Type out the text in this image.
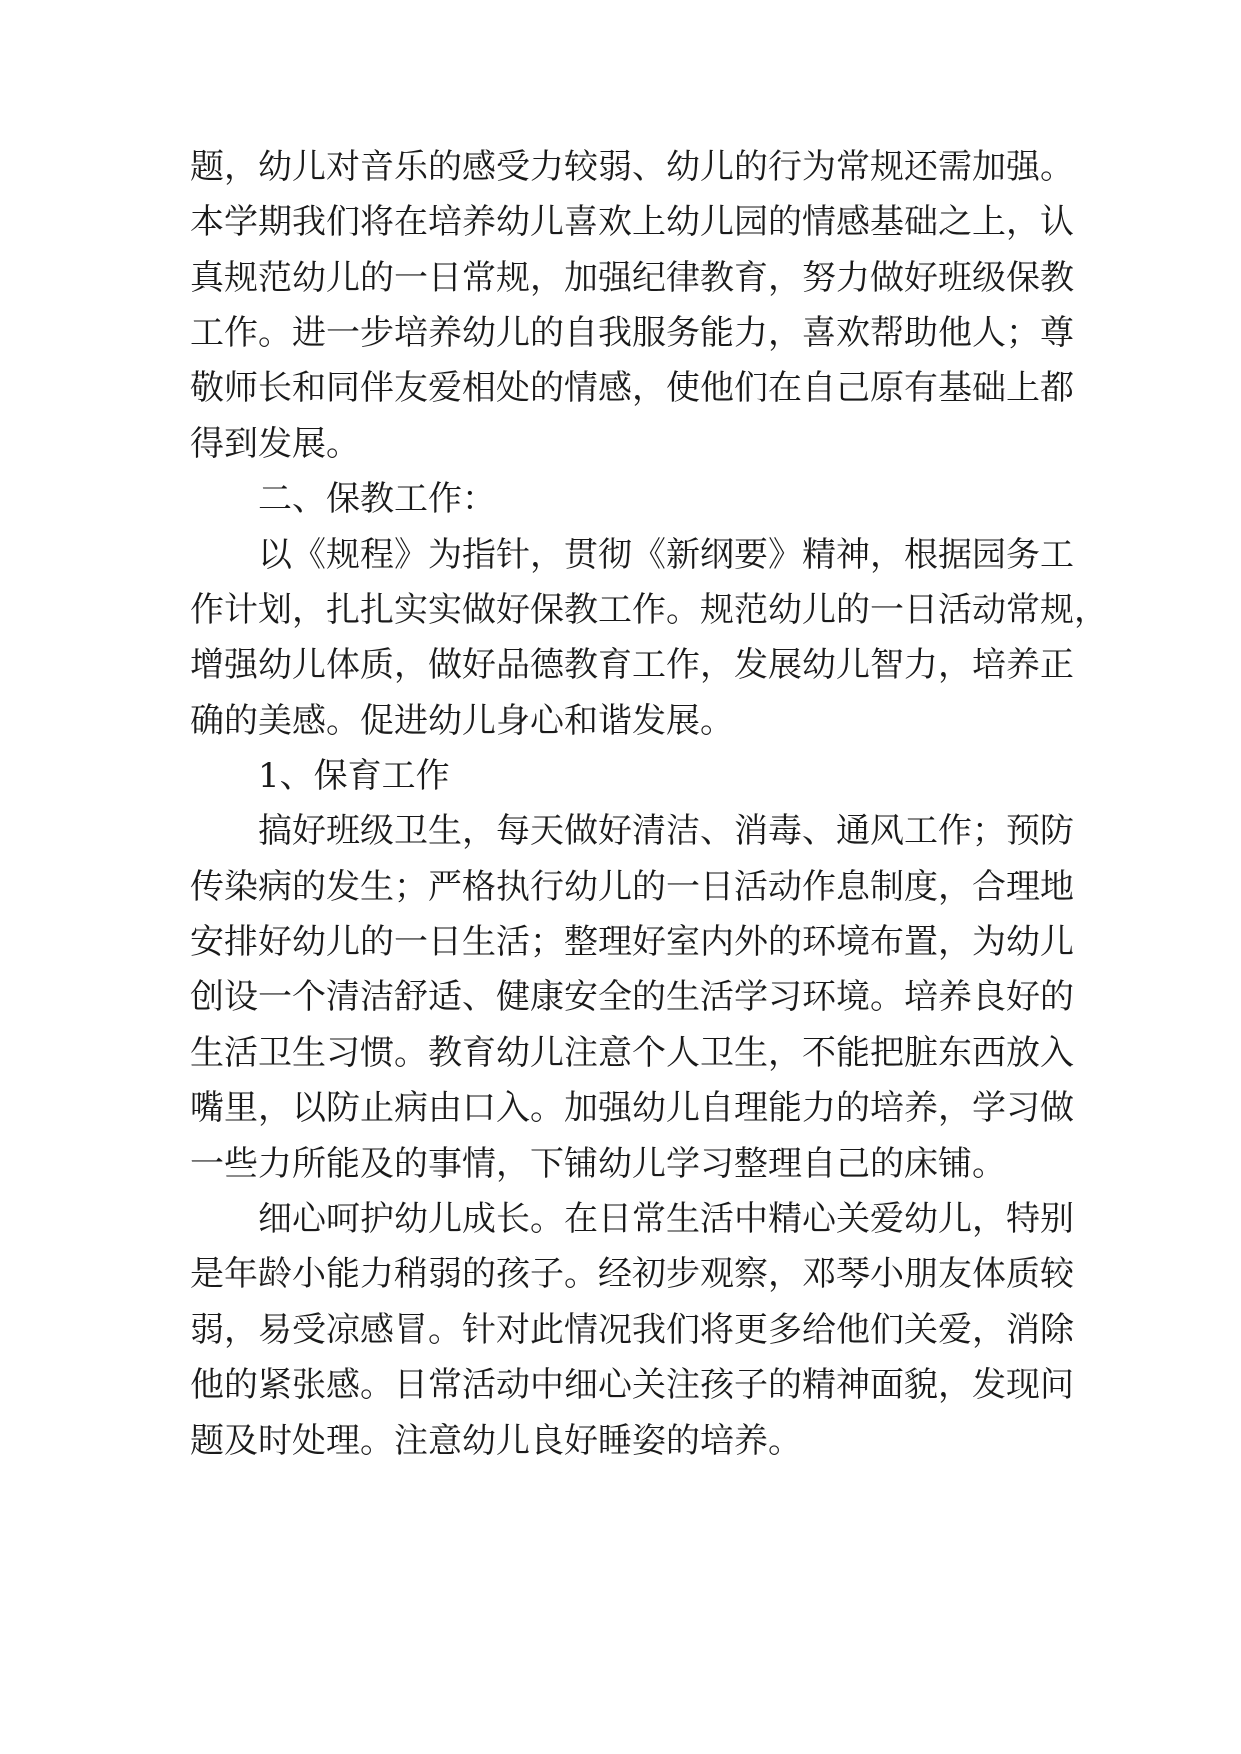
题，幼儿对音乐的感受力较弱、幼儿的行为常规还需加强。
本学期我们将在培养幼儿喜欢上幼儿园的情感基础之上，认
真规范幼儿的一日常规，加强纪律教育，努力做好班级保教
工作。进一步培养幼儿的自我服务能力，喜欢帮助他人；尊
敬师长和同伴友爱相处的情感，使他们在自己原有基础上都
得到发展。
二、保教工作：
以《规程》为指针，贯彻《新纲要》精神，根据园务工
作计划，扎扎实实做好保教工作。规范幼儿的一日活动常规，
增强幼儿体质，做好品德教育工作，发展幼儿智力，培养正
确的美感。促进幼儿身心和谐发展。
1、保育工作
搞好班级卫生，每天做好清洁、消毒、通风工作；预防
传染病的发生；严格执行幼儿的一日活动作息制度，合理地
安排好幼儿的一日生活；整理好室内外的环境布置，为幼儿
创设一个清洁舒适、健康安全的生活学习环境。培养良好的
生活卫生习惯。教育幼儿注意个人卫生，不能把脏东西放入
嘴里，以防止病由口入。加强幼儿自理能力的培养，学习做
一些力所能及的事情，下铺幼儿学习整理自己的床铺。
细心呵护幼儿成长。在日常生活中精心关爱幼儿，特别
是年龄小能力稍弱的孩子。经初步观察，邓琴小朋友体质较
弱，易受凉感冒。针对此情况我们将更多给他们关爱，消除
他的紧张感。日常活动中细心关注孩子的精神面貌，发现问
题及时处理。注意幼儿良好睡姿的培养。
